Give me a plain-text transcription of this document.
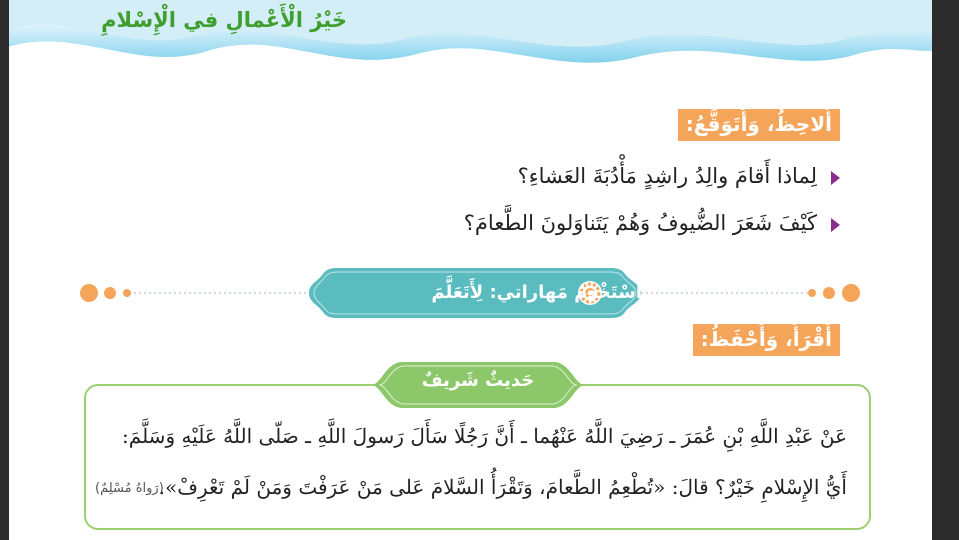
خَيْرُ الْأَعْمالِ في الْإِسْلامِ
أُلاحِظُ، وَأَتَوَقَّعُ:
لِماذا أَقامَ والِدُ راشِدٍ مَأْدُبَةَ العَشاءِ؟
كَيْفَ شَعَرَ الضُّيوفُ وَهُمْ يَتَناوَلونَ الطَّعامَ؟
أَسْتَخْدِمُ مَهاراتي: لِأَتَعَلَّمَ
أَقْرَأُ، وَأَحْفَظُ:
حَديثٌ شَريفٌ
عَنْ عَبْدِ اللَّهِ بْنِ عُمَرَ ـ رَضِيَ اللَّهُ عَنْهُما ـ أَنَّ رَجُلًا سَأَلَ رَسولَ اللَّهِ ـ صَلّى اللَّهُ عَلَيْهِ وَسَلَّمَ:
أَيُّ الإِسْلامِ خَيْرٌ؟ قالَ: «تُطْعِمُ الطَّعامَ، وَتَقْرَأُ السَّلامَ عَلى مَنْ عَرَفْتَ وَمَنْ لَمْ تَعْرِفْ».
(رَواهُ مُسْلِمٌ)
